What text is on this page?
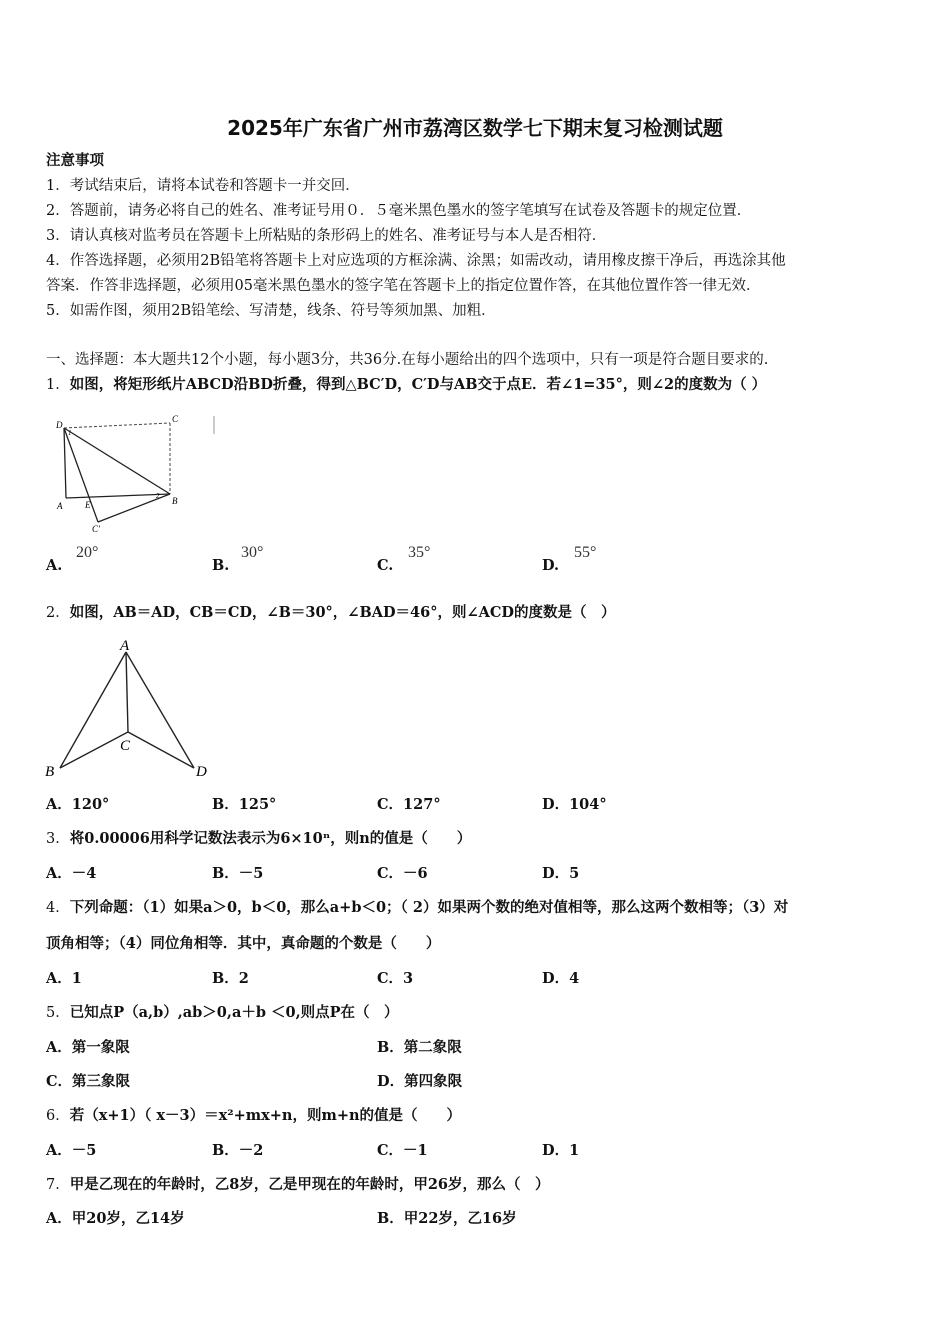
2025年广东省广州市荔湾区数学七下期末复习检测试题
注意事项
1．考试结束后，请将本试卷和答题卡一并交回．
2．答题前，请务必将自己的姓名、准考证号用０．５毫米黑色墨水的签字笔填写在试卷及答题卡的规定位置．
3．请认真核对监考员在答题卡上所粘贴的条形码上的姓名、准考证号与本人是否相符．
4．作答选择题，必须用2B铅笔将答题卡上对应选项的方框涂满、涂黑；如需改动，请用橡皮擦干净后，再选涂其他
答案．作答非选择题，必须用05毫米黑色墨水的签字笔在答题卡上的指定位置作答，在其他位置作答一律无效．
5．如需作图，须用2B铅笔绘、写清楚，线条、符号等须加黑、加粗．
一、选择题：本大题共12个小题，每小题3分，共36分.在每小题给出的四个选项中，只有一项是符合题目要求的.
1．如图，将矩形纸片ABCD沿BD折叠，得到△BC′D，C′D与AB交于点E．若∠1=35°，则∠2的度数为（ ）
D
C
A	E	B
C′
1
2
A.
20°
B.
30°
C.
35°
D.
55°
2．如图，AB＝AD，CB＝CD，∠B＝30°，∠BAD＝46°，则∠ACD的度数是（　）
A
B
C
D
A．120°	B．125°	C．127°	D．104°
3．将0.00006用科学记数法表示为6×10ⁿ，则n的值是（　　）
A．－4	B．－5	C．－6	D．5
4．下列命题：（1）如果a＞0，b＜0，那么a+b＜0；（ 2）如果两个数的绝对值相等，那么这两个数相等；（3）对
顶角相等；（4）同位角相等．其中，真命题的个数是（　　）
A．1	B．2	C．3	D．4
5．已知点P（a,b）,ab＞0,a＋b ＜0,则点P在（　）
A．第一象限	B．第二象限
C．第三象限	D．第四象限
6．若（x+1）（ x－3）＝x²+mx+n，则m+n的值是（　　）
A．－5	B．－2	C．－1	D．1
7．甲是乙现在的年龄时，乙8岁，乙是甲现在的年龄时，甲26岁，那么（　）
A．甲20岁，乙14岁	B．甲22岁，乙16岁
